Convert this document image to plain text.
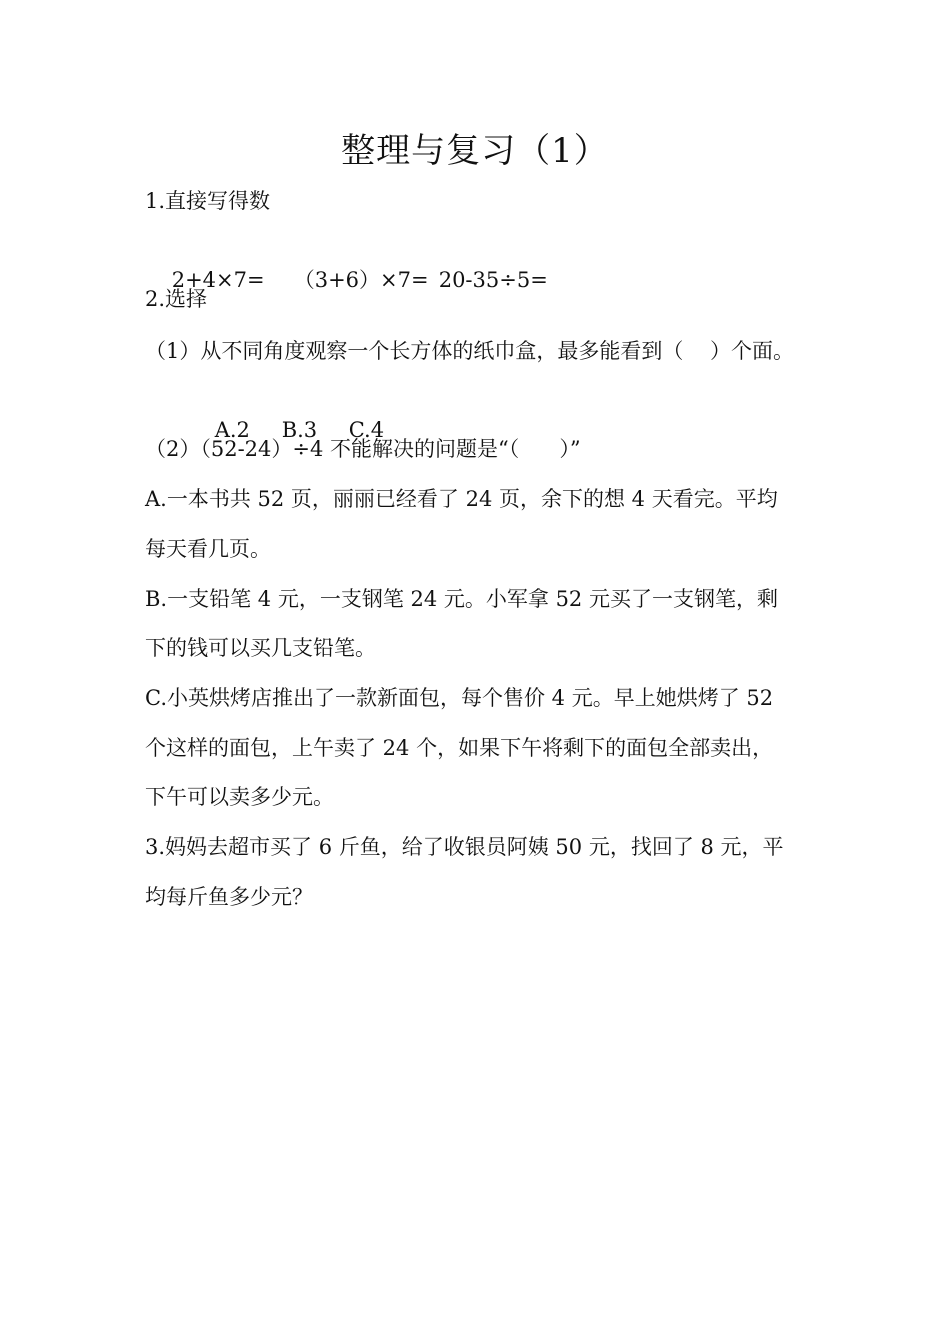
整理与复习（1）
1.直接写得数

2+4×7= （3+6）×7= 20-35÷5=

2.选择
（1）从不同角度观察一个长方体的纸巾盒，最多能看到（    ）个面。

A.2 B.3 C.4

（2）（52-24）÷4 不能解决的问题是“（      ）”
A.一本书共 52 页，丽丽已经看了 24 页，余下的想 4 天看完。平均
每天看几页。
B.一支铅笔 4 元，一支钢笔 24 元。小军拿 52 元买了一支钢笔，剩
下的钱可以买几支铅笔。
C.小英烘烤店推出了一款新面包，每个售价 4 元。早上她烘烤了 52
个这样的面包，上午卖了 24 个，如果下午将剩下的面包全部卖出，
下午可以卖多少元。
3.妈妈去超市买了 6 斤鱼，给了收银员阿姨 50 元，找回了 8 元，平
均每斤鱼多少元？
